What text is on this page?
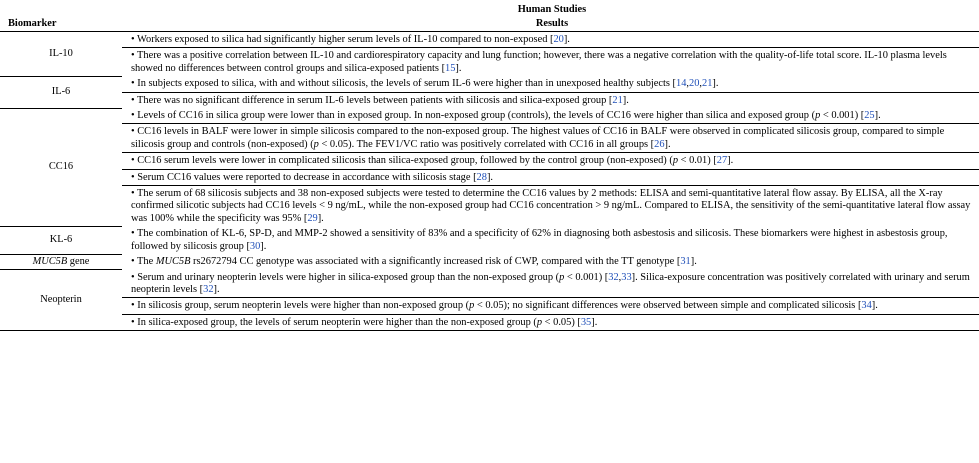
	Human Studies
Biomarker	Results
IL-10	• Workers exposed to silica had significantly higher serum levels of IL-10 compared to non-exposed [20].
	• There was a positive correlation between IL-10 and cardiorespiratory capacity and lung function; however, there was a negative correlation with the quality-of-life total score. IL-10 plasma levels showed no differences between control groups and silica-exposed patients [15].
IL-6	• In subjects exposed to silica, with and without silicosis, the levels of serum IL-6 were higher than in unexposed healthy subjects [14,20,21].
	• There was no significant difference in serum IL-6 levels between patients with silicosis and silica-exposed group [21].
CC16	• Levels of CC16 in silica group were lower than in exposed group. In non-exposed group (controls), the levels of CC16 were higher than silica and exposed group (p < 0.001) [25].
	• CC16 levels in BALF were lower in simple silicosis compared to the non-exposed group. The highest values of CC16 in BALF were observed in complicated silicosis group, compared to simple silicosis group and controls (non-exposed) (p < 0.05). The FEV1/VC ratio was positively correlated with CC16 in all groups [26].
	• CC16 serum levels were lower in complicated silicosis than silica-exposed group, followed by the control group (non-exposed) (p < 0.01) [27].
	• Serum CC16 values were reported to decrease in accordance with silicosis stage [28].
	• The serum of 68 silicosis subjects and 38 non-exposed subjects were tested to determine the CC16 values by 2 methods: ELISA and semi-quantitative lateral flow assay. By ELISA, all the X-ray confirmed silicotic subjects had CC16 levels < 9 ng/mL, while the non-exposed group had CC16 concentration > 9 ng/mL. Compared to ELISA, the sensitivity of the semi-quantitative lateral flow assay was 100% while the specificity was 95% [29].
KL-6	• The combination of KL-6, SP-D, and MMP-2 showed a sensitivity of 83% and a specificity of 62% in diagnosing both asbestosis and silicosis. These biomarkers were highest in asbestosis group, followed by silicosis group [30].
MUC5B gene	• The MUC5B rs2672794 CC genotype was associated with a significantly increased risk of CWP, compared with the TT genotype [31].
Neopterin	• Serum and urinary neopterin levels were higher in silica-exposed group than the non-exposed group (p < 0.001) [32,33]. Silica-exposure concentration was positively correlated with urinary and serum neopterin levels [32].
	• In silicosis group, serum neopterin levels were higher than non-exposed group (p < 0.05); no significant differences were observed between simple and complicated silicosis [34].
	• In silica-exposed group, the levels of serum neopterin were higher than the non-exposed group (p < 0.05) [35].
